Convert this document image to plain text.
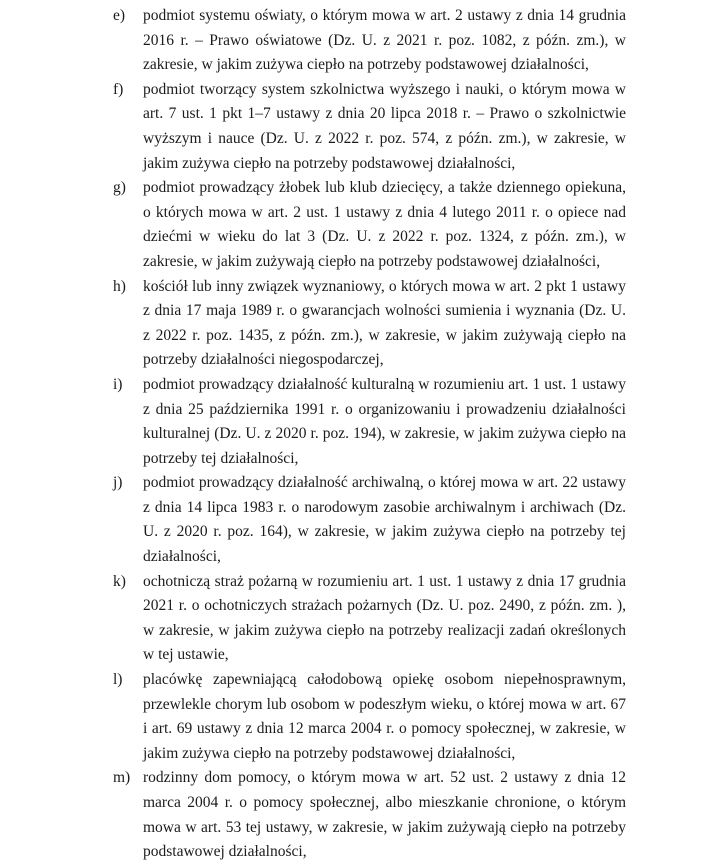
e) podmiot systemu oświaty, o którym mowa w art. 2 ustawy z dnia 14 grudnia 2016 r. – Prawo oświatowe (Dz. U. z 2021 r. poz. 1082, z późn. zm.), w zakresie, w jakim zużywa ciepło na potrzeby podstawowej działalności,
f) podmiot tworzący system szkolnictwa wyższego i nauki, o którym mowa w art. 7 ust. 1 pkt 1–7 ustawy z dnia 20 lipca 2018 r. – Prawo o szkolnictwie wyższym i nauce (Dz. U. z 2022 r. poz. 574, z późn. zm.), w zakresie, w jakim zużywa ciepło na potrzeby podstawowej działalności,
g) podmiot prowadzący żłobek lub klub dziecięcy, a także dziennego opiekuna, o których mowa w art. 2 ust. 1 ustawy z dnia 4 lutego 2011 r. o opiece nad dziećmi w wieku do lat 3 (Dz. U. z 2022 r. poz. 1324, z późn. zm.), w zakresie, w jakim zużywają ciepło na potrzeby podstawowej działalności,
h) kościół lub inny związek wyznaniowy, o których mowa w art. 2 pkt 1 ustawy z dnia 17 maja 1989 r. o gwarancjach wolności sumienia i wyznania (Dz. U. z 2022 r. poz. 1435, z późn. zm.), w zakresie, w jakim zużywają ciepło na potrzeby działalności niegospodarczej,
i) podmiot prowadzący działalność kulturalną w rozumieniu art. 1 ust. 1 ustawy z dnia 25 października 1991 r. o organizowaniu i prowadzeniu działalności kulturalnej (Dz. U. z 2020 r. poz. 194), w zakresie, w jakim zużywa ciepło na potrzeby tej działalności,
j) podmiot prowadzący działalność archiwalną, o której mowa w art. 22 ustawy z dnia 14 lipca 1983 r. o narodowym zasobie archiwalnym i archiwach (Dz. U. z 2020 r. poz. 164), w zakresie, w jakim zużywa ciepło na potrzeby tej działalności,
k) ochotniczą straż pożarną w rozumieniu art. 1 ust. 1 ustawy z dnia 17 grudnia 2021 r. o ochotniczych strażach pożarnych (Dz. U. poz. 2490, z późn. zm. ), w zakresie, w jakim zużywa ciepło na potrzeby realizacji zadań określonych w tej ustawie,
l) placówkę zapewniającą całodobową opiekę osobom niepełnosprawnym, przewlekle chorym lub osobom w podeszłym wieku, o której mowa w art. 67 i art. 69 ustawy z dnia 12 marca 2004 r. o pomocy społecznej, w zakresie, w jakim zużywa ciepło na potrzeby podstawowej działalności,
m) rodzinny dom pomocy, o którym mowa w art. 52 ust. 2 ustawy z dnia 12 marca 2004 r. o pomocy społecznej, albo mieszkanie chronione, o którym mowa w art. 53 tej ustawy, w zakresie, w jakim zużywają ciepło na potrzeby podstawowej działalności,
